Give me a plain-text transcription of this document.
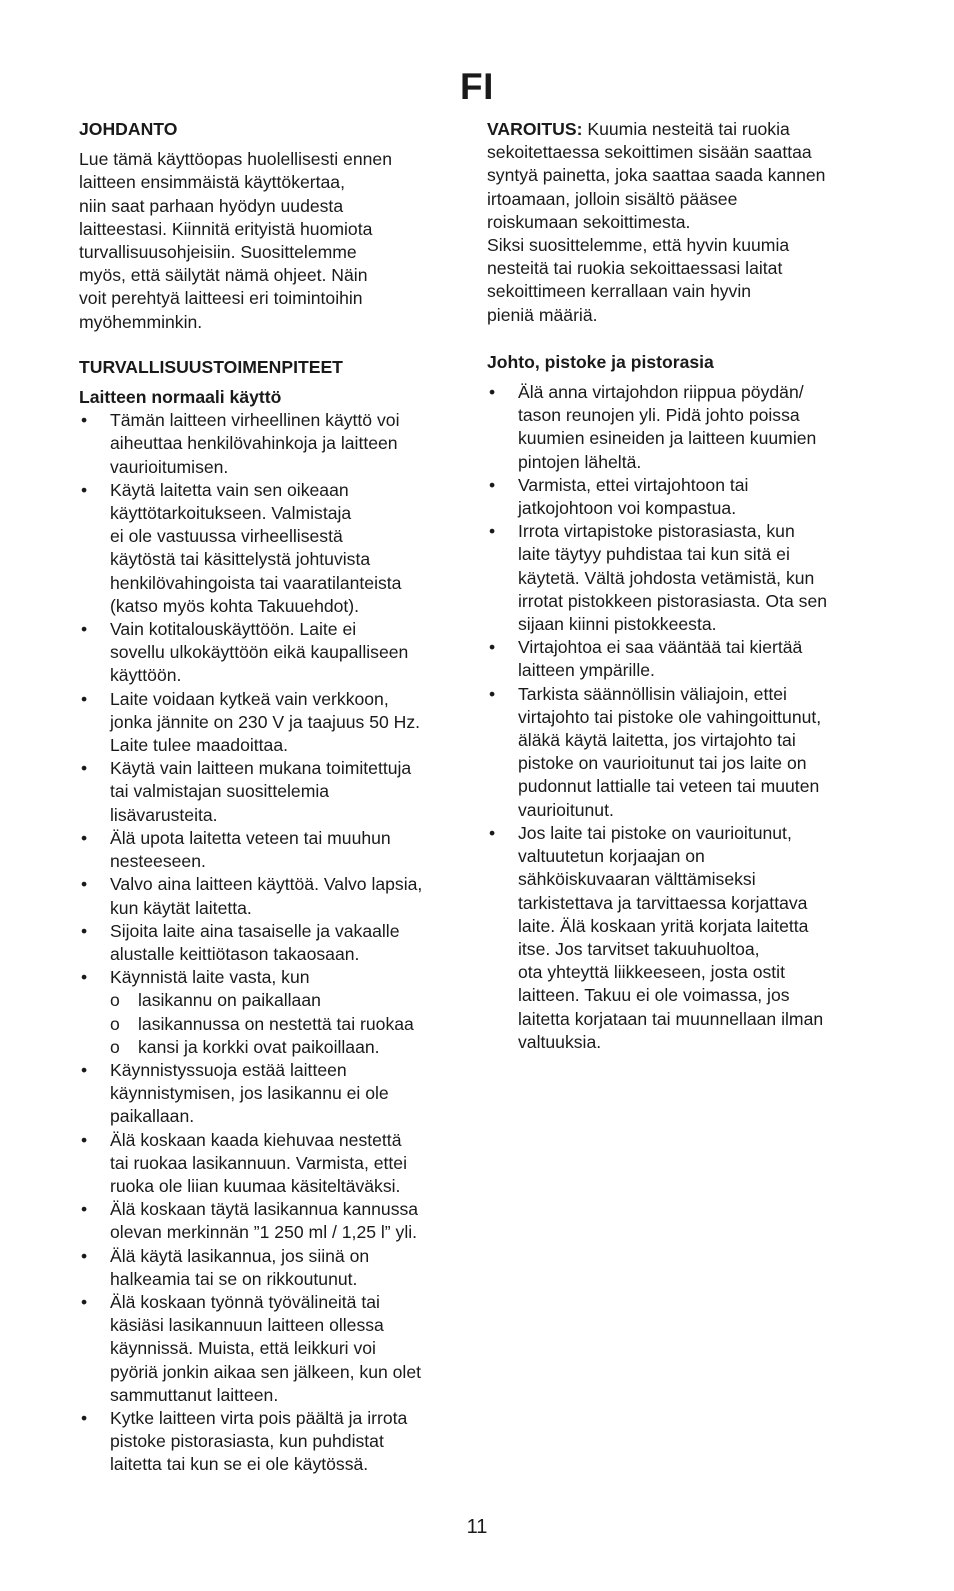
FI

JOHDANTO

Lue tämä käyttöopas huolellisesti ennen
laitteen ensimmäistä käyttökertaa,
niin saat parhaan hyödyn uudesta
laitteestasi. Kiinnitä erityistä huomiota
turvallisuusohjeisiin. Suosittelemme
myös, että säilytät nämä ohjeet. Näin
voit perehtyä laitteesi eri toimintoihin
myöhemminkin.

TURVALLISUUSTOIMENPITEET

Laitteen normaali käyttö

• Tämän laitteen virheellinen käyttö voi
aiheuttaa henkilövahinkoja ja laitteen
vaurioitumisen.
• Käytä laitetta vain sen oikeaan
käyttötarkoitukseen. Valmistaja
ei ole vastuussa virheellisestä
käytöstä tai käsittelystä johtuvista
henkilövahingoista tai vaaratilanteista
(katso myös kohta Takuuehdot).
• Vain kotitalouskäyttöön. Laite ei
sovellu ulkokäyttöön eikä kaupalliseen
käyttöön.
• Laite voidaan kytkeä vain verkkoon,
jonka jännite on 230 V ja taajuus 50 Hz.
Laite tulee maadoittaa.
• Käytä vain laitteen mukana toimitettuja
tai valmistajan suosittelemia
lisävarusteita.
• Älä upota laitetta veteen tai muuhun
nesteeseen.
• Valvo aina laitteen käyttöä. Valvo lapsia,
kun käytät laitetta.
• Sijoita laite aina tasaiselle ja vakaalle
alustalle keittiötason takaosaan.
• Käynnistä laite vasta, kun
o lasikannu on paikallaan
o lasikannussa on nestettä tai ruokaa
o kansi ja korkki ovat paikoillaan.
• Käynnistyssuoja estää laitteen
käynnistymisen, jos lasikannu ei ole
paikallaan.
• Älä koskaan kaada kiehuvaa nestettä
tai ruokaa lasikannuun. Varmista, ettei
ruoka ole liian kuumaa käsiteltäväksi.
• Älä koskaan täytä lasikannua kannussa
olevan merkinnän ”1 250 ml / 1,25 l” yli.
• Älä käytä lasikannua, jos siinä on
halkeamia tai se on rikkoutunut.
• Älä koskaan työnnä työvälineitä tai
käsiäsi lasikannuun laitteen ollessa
käynnissä. Muista, että leikkuri voi
pyöriä jonkin aikaa sen jälkeen, kun olet
sammuttanut laitteen.
• Kytke laitteen virta pois päältä ja irrota
pistoke pistorasiasta, kun puhdistat
laitetta tai kun se ei ole käytössä.
VAROITUS: Kuumia nesteitä tai ruokia
sekoitettaessa sekoittimen sisään saattaa
syntyä painetta, joka saattaa saada kannen
irtoamaan, jolloin sisältö pääsee
roiskumaan sekoittimesta.
Siksi suosittelemme, että hyvin kuumia
nesteitä tai ruokia sekoittaessasi laitat
sekoittimeen kerrallaan vain hyvin
pieniä määriä.

Johto, pistoke ja pistorasia

• Älä anna virtajohdon riippua pöydän/
tason reunojen yli. Pidä johto poissa
kuumien esineiden ja laitteen kuumien
pintojen läheltä.
• Varmista, ettei virtajohtoon tai
jatkojohtoon voi kompastua.
• Irrota virtapistoke pistorasiasta, kun
laite täytyy puhdistaa tai kun sitä ei
käytetä. Vältä johdosta vetämistä, kun
irrotat pistokkeen pistorasiasta. Ota sen
sijaan kiinni pistokkeesta.
• Virtajohtoa ei saa vääntää tai kiertää
laitteen ympärille.
• Tarkista säännöllisin väliajoin, ettei
virtajohto tai pistoke ole vahingoittunut,
äläkä käytä laitetta, jos virtajohto tai
pistoke on vaurioitunut tai jos laite on
pudonnut lattialle tai veteen tai muuten
vaurioitunut.
• Jos laite tai pistoke on vaurioitunut,
valtuutetun korjaajan on
sähköiskuvaaran välttämiseksi
tarkistettava ja tarvittaessa korjattava
laite. Älä koskaan yritä korjata laitetta
itse. Jos tarvitset takuuhuoltoa,
ota yhteyttä liikkeeseen, josta ostit
laitteen. Takuu ei ole voimassa, jos
laitetta korjataan tai muunnellaan ilman
valtuuksia.
11
